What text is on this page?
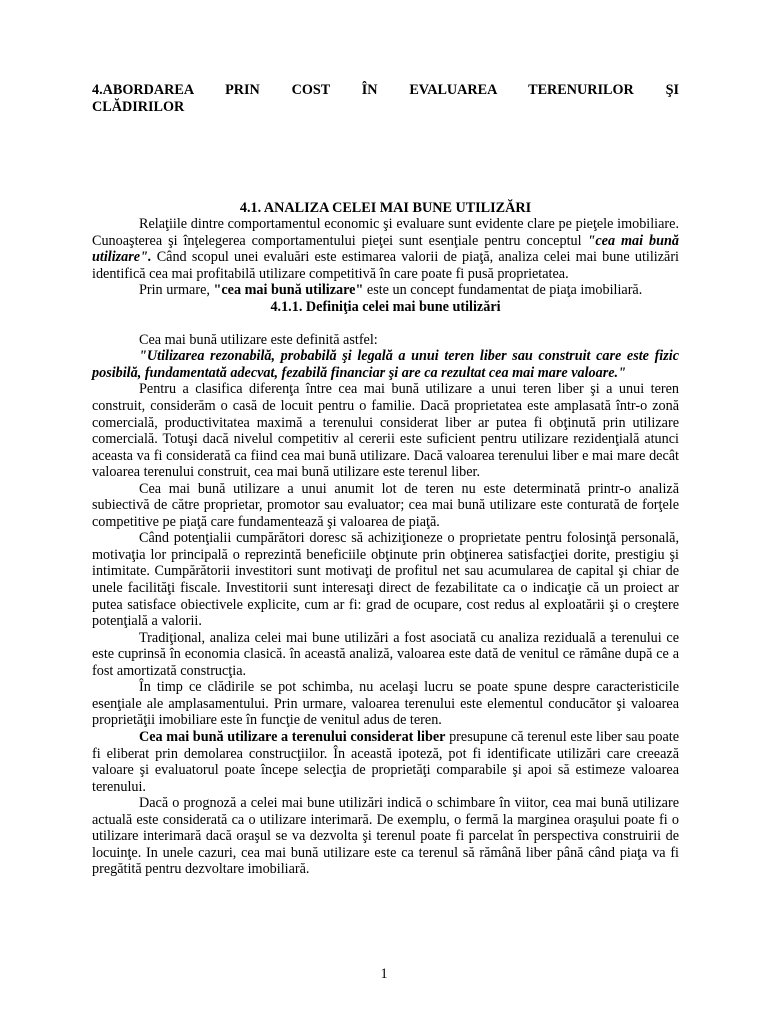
4.ABORDAREA PRIN COST ÎN EVALUAREA TERENURILOR ŞI CLĂDIRILOR
4.1. ANALIZA CELEI MAI BUNE UTILIZĂRI

Relaţiile dintre comportamentul economic şi evaluare sunt evidente clare pe pieţele imobiliare. Cunoaşterea şi înţelegerea comportamentului pieţei sunt esenţiale pentru conceptul "cea mai bună utilizare". Când scopul unei evaluări este estimarea valorii de piaţă, analiza celei mai bune utilizări identifică cea mai profitabilă utilizare competitivă în care poate fi pusă proprietatea.

Prin urmare, "cea mai bună utilizare" este un concept fundamentat de piaţa imobiliară.

4.1.1. Definiţia celei mai bune utilizări

Cea mai bună utilizare este definită astfel:

"Utilizarea rezonabilă, probabilă şi legală a unui teren liber sau construit care este fizic posibilă, fundamentată adecvat, fezabilă financiar şi are ca rezultat cea mai mare valoare."

Pentru a clasifica diferenţa între cea mai bună utilizare a unui teren liber şi a unui teren construit, considerăm o casă de locuit pentru o familie. Dacă proprietatea este amplasată într-o zonă comercială, productivitatea maximă a terenului considerat liber ar putea fi obţinută prin utilizare comercială. Totuşi dacă nivelul competitiv al cererii este suficient pentru utilizare rezidenţială atunci aceasta va fi considerată ca fiind cea mai bună utilizare. Dacă valoarea terenului liber e mai mare decât valoarea terenului construit, cea mai bună utilizare este terenul liber.

Cea mai bună utilizare a unui anumit lot de teren nu este determinată printr-o analiză subiectivă de către proprietar, promotor sau evaluator; cea mai bună utilizare este conturată de forţele competitive pe piaţă care fundamentează şi valoarea de piaţă.

Când potenţialii cumpărători doresc să achiziţioneze o proprietate pentru folosinţă personală, motivaţia lor principală o reprezintă beneficiile obţinute prin obţinerea satisfacţiei dorite, prestigiu şi intimitate. Cumpărătorii investitori sunt motivaţi de profitul net sau acumularea de capital şi chiar de unele facilităţi fiscale. Investitorii sunt interesaţi direct de fezabilitate ca o indicaţie că un proiect ar putea satisface obiectivele explicite, cum ar fi: grad de ocupare, cost redus al exploatării şi o creştere potenţială a valorii.

Tradiţional, analiza celei mai bune utilizări a fost asociată cu analiza reziduală a terenului ce este cuprinsă în economia clasică. în această analiză, valoarea este dată de venitul ce rămâne după ce a fost amortizată construcţia.

În timp ce clădirile se pot schimba, nu acelaşi lucru se poate spune despre caracteristicile esenţiale ale amplasamentului. Prin urmare, valoarea terenului este elementul conducător şi valoarea proprietăţii imobiliare este în funcţie de venitul adus de teren.

Cea mai bună utilizare a terenului considerat liber presupune că terenul este liber sau poate fi eliberat prin demolarea construcţiilor. În această ipoteză, pot fi identificate utilizări care creează valoare şi evaluatorul poate începe selecţia de proprietăţi comparabile şi apoi să estimeze valoarea terenului.

Dacă o prognoză a celei mai bune utilizări indică o schimbare în viitor, cea mai bună utilizare actuală este considerată ca o utilizare interimară. De exemplu, o fermă la marginea oraşului poate fi o utilizare interimară dacă oraşul se va dezvolta şi terenul poate fi parcelat în perspectiva construirii de locuinţe. In unele cazuri, cea mai bună utilizare este ca terenul să rămână liber până când piaţa va fi pregătită pentru dezvoltare imobiliară.

1
